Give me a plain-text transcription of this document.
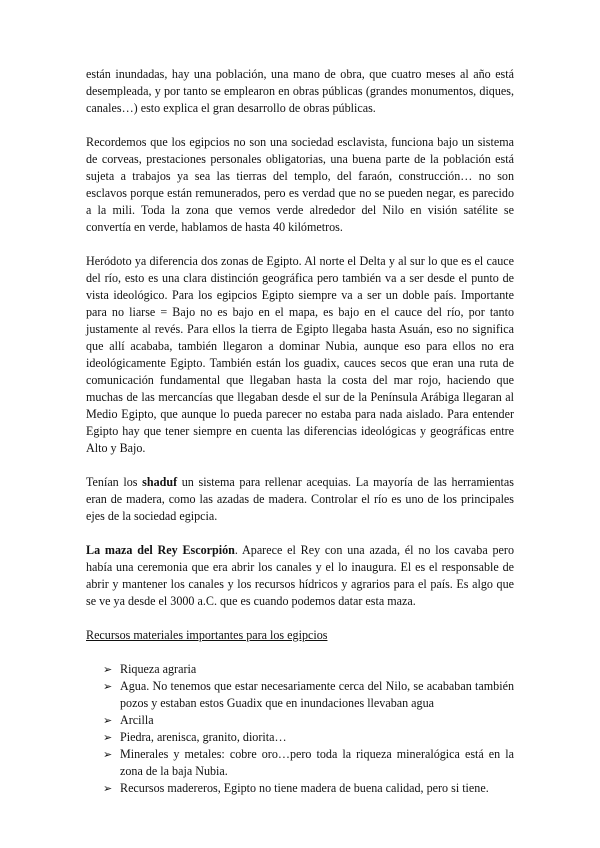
están inundadas, hay una población, una mano de obra, que cuatro meses al año está desempleada, y por tanto se emplearon en obras públicas (grandes monumentos, diques, canales…) esto explica el gran desarrollo de obras públicas.

Recordemos que los egipcios no son una sociedad esclavista, funciona bajo un sistema de corveas, prestaciones personales obligatorias, una buena parte de la población está sujeta a trabajos ya sea las tierras del templo, del faraón, construcción… no son esclavos porque están remunerados, pero es verdad que no se pueden negar, es parecido a la mili. Toda la zona que vemos verde alrededor del Nilo en visión satélite se convertía en verde, hablamos de hasta 40 kilómetros.

Heródoto ya diferencia dos zonas de Egipto. Al norte el Delta y al sur lo que es el cauce del río, esto es una clara distinción geográfica pero también va a ser desde el punto de vista ideológico. Para los egipcios Egipto siempre va a ser un doble país. Importante para no liarse = Bajo no es bajo en el mapa, es bajo en el cauce del río, por tanto justamente al revés. Para ellos la tierra de Egipto llegaba hasta Asuán, eso no significa que allí acababa, también llegaron a dominar Nubia, aunque eso para ellos no era ideológicamente Egipto. También están los guadix, cauces secos que eran una ruta de comunicación fundamental que llegaban hasta la costa del mar rojo, haciendo que muchas de las mercancías que llegaban desde el sur de la Península Arábiga llegaran al Medio Egipto, que aunque lo pueda parecer no estaba para nada aislado. Para entender Egipto hay que tener siempre en cuenta las diferencias ideológicas y geográficas entre Alto y Bajo.

Tenían los shaduf un sistema para rellenar acequias. La mayoría de las herramientas eran de madera, como las azadas de madera. Controlar el río es uno de los principales ejes de la sociedad egipcia.

La maza del Rey Escorpión. Aparece el Rey con una azada, él no los cavaba pero había una ceremonia que era abrir los canales y el lo inaugura. El es el responsable de abrir y mantener los canales y los recursos hídricos y agrarios para el país. Es algo que se ve ya desde el 3000 a.C. que es cuando podemos datar esta maza.

Recursos materiales importantes para los egipcios
➢ Riqueza agraria
➢ Agua. No tenemos que estar necesariamente cerca del Nilo, se acababan también pozos y estaban estos Guadix que en inundaciones llevaban agua
➢ Arcilla
➢ Piedra, arenisca, granito, diorita…
➢ Minerales y metales: cobre oro…pero toda la riqueza mineralógica está en la zona de la baja Nubia.
➢ Recursos madereros, Egipto no tiene madera de buena calidad, pero si tiene.
